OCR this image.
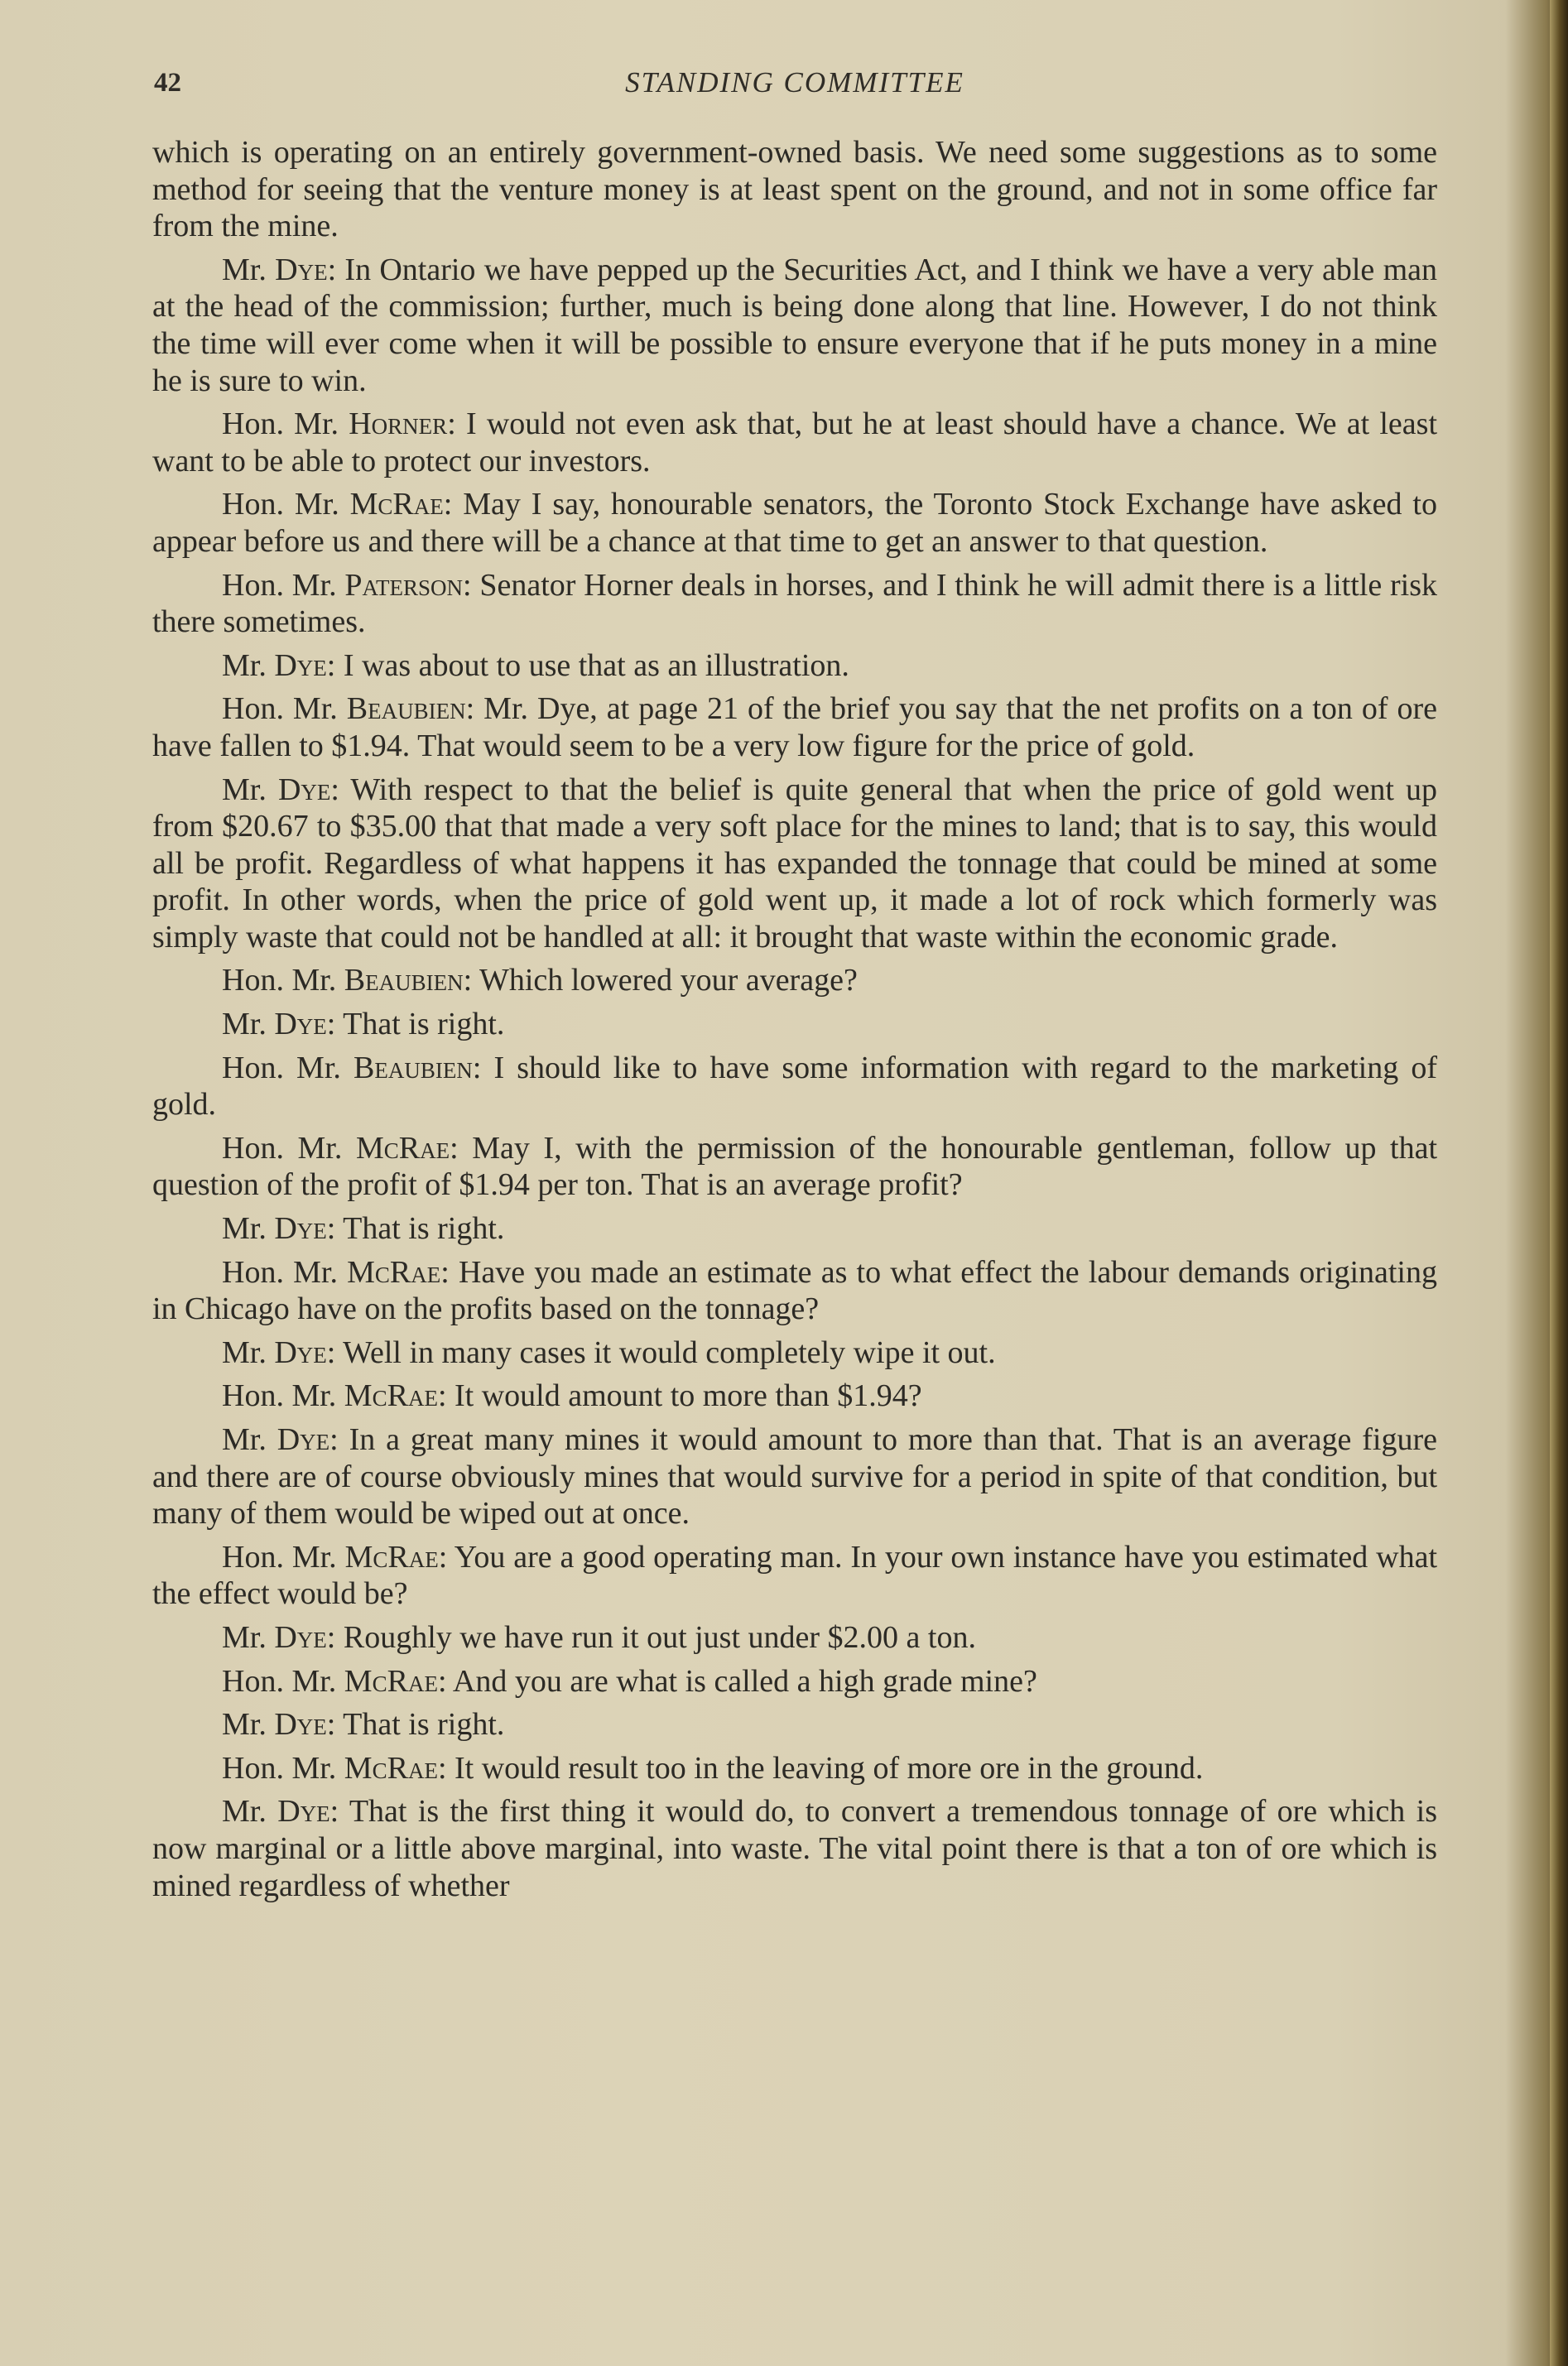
42	STANDING COMMITTEE

which is operating on an entirely government-owned basis. We need some suggestions as to some method for seeing that the venture money is at least spent on the ground, and not in some office far from the mine.

Mr. Dye: In Ontario we have pepped up the Securities Act, and I think we have a very able man at the head of the commission; further, much is being done along that line. However, I do not think the time will ever come when it will be possible to ensure everyone that if he puts money in a mine he is sure to win.

Hon. Mr. Horner: I would not even ask that, but he at least should have a chance. We at least want to be able to protect our investors.

Hon. Mr. McRae: May I say, honourable senators, the Toronto Stock Exchange have asked to appear before us and there will be a chance at that time to get an answer to that question.

Hon. Mr. Paterson: Senator Horner deals in horses, and I think he will admit there is a little risk there sometimes.

Mr. Dye: I was about to use that as an illustration.

Hon. Mr. Beaubien: Mr. Dye, at page 21 of the brief you say that the net profits on a ton of ore have fallen to $1.94. That would seem to be a very low figure for the price of gold.

Mr. Dye: With respect to that the belief is quite general that when the price of gold went up from $20.67 to $35.00 that that made a very soft place for the mines to land; that is to say, this would all be profit. Regardless of what happens it has expanded the tonnage that could be mined at some profit. In other words, when the price of gold went up, it made a lot of rock which formerly was simply waste that could not be handled at all: it brought that waste within the economic grade.

Hon. Mr. Beaubien: Which lowered your average?

Mr. Dye: That is right.

Hon. Mr. Beaubien: I should like to have some information with regard to the marketing of gold.

Hon. Mr. McRae: May I, with the permission of the honourable gentleman, follow up that question of the profit of $1.94 per ton. That is an average profit?

Mr. Dye: That is right.

Hon. Mr. McRae: Have you made an estimate as to what effect the labour demands originating in Chicago have on the profits based on the tonnage?

Mr. Dye: Well in many cases it would completely wipe it out.

Hon. Mr. McRae: It would amount to more than $1.94?

Mr. Dye: In a great many mines it would amount to more than that. That is an average figure and there are of course obviously mines that would survive for a period in spite of that condition, but many of them would be wiped out at once.

Hon. Mr. McRae: You are a good operating man. In your own instance have you estimated what the effect would be?

Mr. Dye: Roughly we have run it out just under $2.00 a ton.

Hon. Mr. McRae: And you are what is called a high grade mine?

Mr. Dye: That is right.

Hon. Mr. McRae: It would result too in the leaving of more ore in the ground.

Mr. Dye: That is the first thing it would do, to convert a tremendous tonnage of ore which is now marginal or a little above marginal, into waste. The vital point there is that a ton of ore which is mined regardless of whether
